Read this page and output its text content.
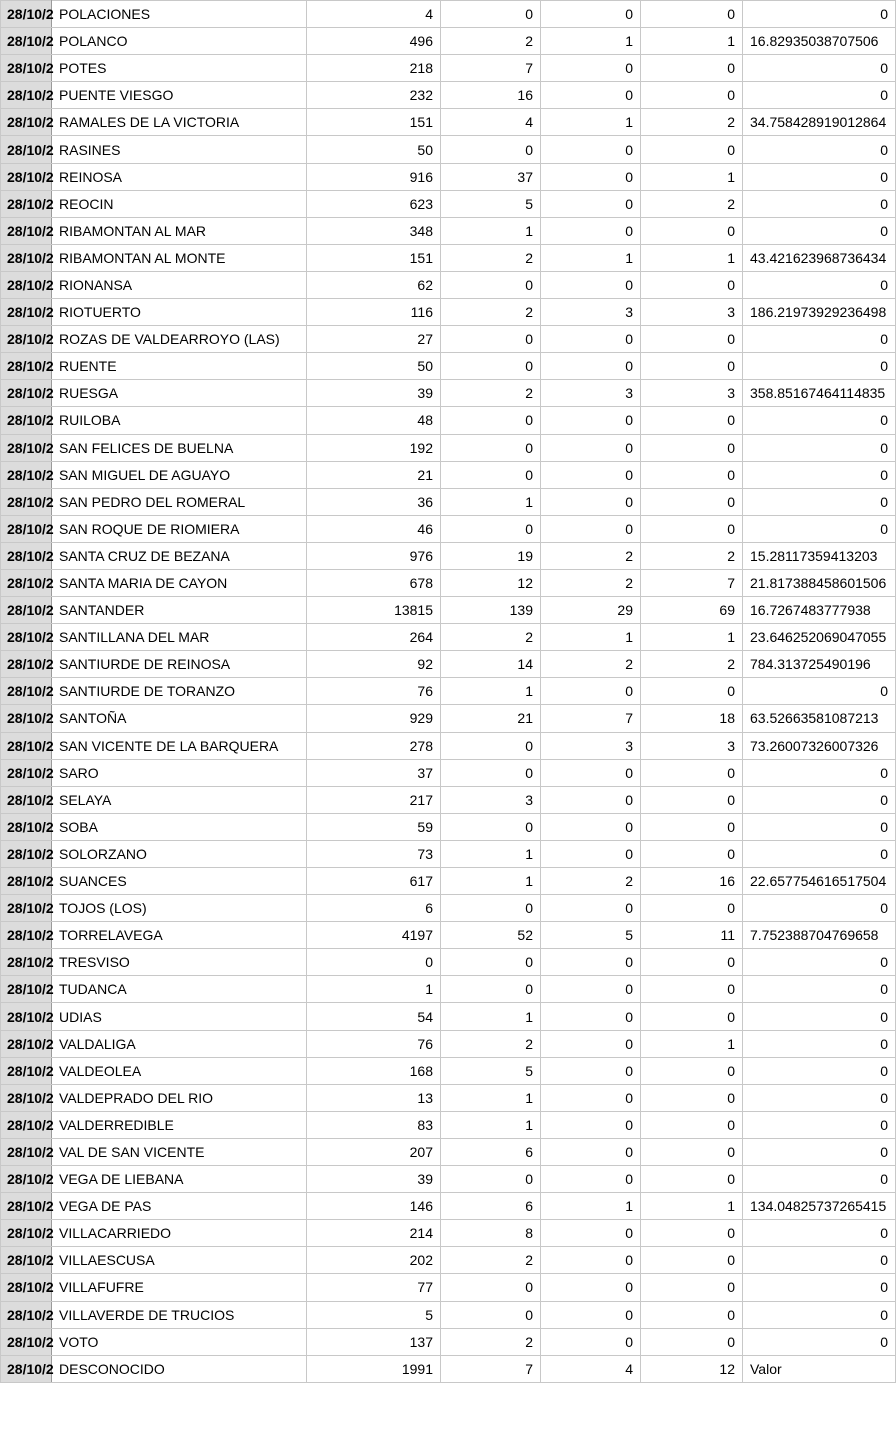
28/10/2	POLACIONES	4	0	0	0	0
28/10/2	POLANCO	496	2	1	1	16.82935038707506
28/10/2	POTES	218	7	0	0	0
28/10/2	PUENTE VIESGO	232	16	0	0	0
28/10/2	RAMALES DE LA VICTORIA	151	4	1	2	34.758428919012864
28/10/2	RASINES	50	0	0	0	0
28/10/2	REINOSA	916	37	0	1	0
28/10/2	REOCIN	623	5	0	2	0
28/10/2	RIBAMONTAN AL MAR	348	1	0	0	0
28/10/2	RIBAMONTAN AL MONTE	151	2	1	1	43.421623968736434
28/10/2	RIONANSA	62	0	0	0	0
28/10/2	RIOTUERTO	116	2	3	3	186.21973929236498
28/10/2	ROZAS DE VALDEARROYO (LAS)	27	0	0	0	0
28/10/2	RUENTE	50	0	0	0	0
28/10/2	RUESGA	39	2	3	3	358.85167464114835
28/10/2	RUILOBA	48	0	0	0	0
28/10/2	SAN FELICES DE BUELNA	192	0	0	0	0
28/10/2	SAN MIGUEL DE AGUAYO	21	0	0	0	0
28/10/2	SAN PEDRO DEL ROMERAL	36	1	0	0	0
28/10/2	SAN ROQUE DE RIOMIERA	46	0	0	0	0
28/10/2	SANTA CRUZ DE BEZANA	976	19	2	2	15.28117359413203
28/10/2	SANTA MARIA DE CAYON	678	12	2	7	21.817388458601506
28/10/2	SANTANDER	13815	139	29	69	16.7267483777938
28/10/2	SANTILLANA DEL MAR	264	2	1	1	23.646252069047055
28/10/2	SANTIURDE DE REINOSA	92	14	2	2	784.313725490196
28/10/2	SANTIURDE DE TORANZO	76	1	0	0	0
28/10/2	SANTOÑA	929	21	7	18	63.52663581087213
28/10/2	SAN VICENTE DE LA BARQUERA	278	0	3	3	73.26007326007326
28/10/2	SARO	37	0	0	0	0
28/10/2	SELAYA	217	3	0	0	0
28/10/2	SOBA	59	0	0	0	0
28/10/2	SOLORZANO	73	1	0	0	0
28/10/2	SUANCES	617	1	2	16	22.657754616517504
28/10/2	TOJOS (LOS)	6	0	0	0	0
28/10/2	TORRELAVEGA	4197	52	5	11	7.752388704769658
28/10/2	TRESVISO	0	0	0	0	0
28/10/2	TUDANCA	1	0	0	0	0
28/10/2	UDIAS	54	1	0	0	0
28/10/2	VALDALIGA	76	2	0	1	0
28/10/2	VALDEOLEA	168	5	0	0	0
28/10/2	VALDEPRADO DEL RIO	13	1	0	0	0
28/10/2	VALDERREDIBLE	83	1	0	0	0
28/10/2	VAL DE SAN VICENTE	207	6	0	0	0
28/10/2	VEGA DE LIEBANA	39	0	0	0	0
28/10/2	VEGA DE PAS	146	6	1	1	134.04825737265415
28/10/2	VILLACARRIEDO	214	8	0	0	0
28/10/2	VILLAESCUSA	202	2	0	0	0
28/10/2	VILLAFUFRE	77	0	0	0	0
28/10/2	VILLAVERDE DE TRUCIOS	5	0	0	0	0
28/10/2	VOTO	137	2	0	0	0
28/10/2	DESCONOCIDO	1991	7	4	12	Valor
